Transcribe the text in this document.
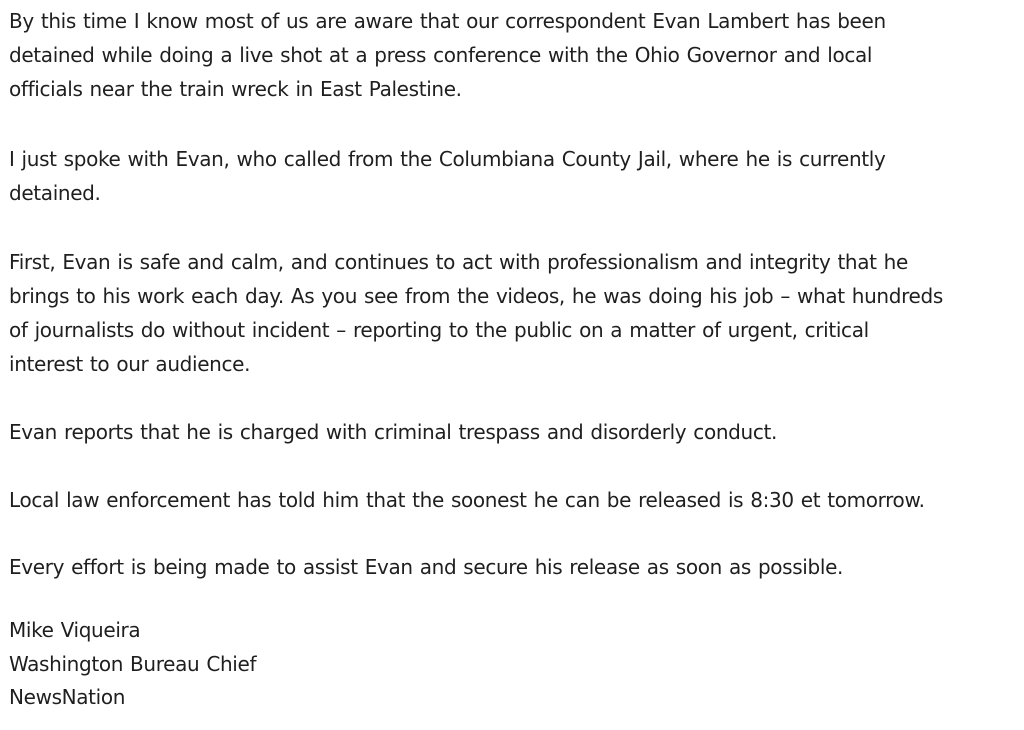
By this time I know most of us are aware that our correspondent Evan Lambert has been
detained while doing a live shot at a press conference with the Ohio Governor and local
officials near the train wreck in East Palestine.

I just spoke with Evan, who called from the Columbiana County Jail, where he is currently
detained.

First, Evan is safe and calm, and continues to act with professionalism and integrity that he
brings to his work each day. As you see from the videos, he was doing his job – what hundreds
of journalists do without incident – reporting to the public on a matter of urgent, critical
interest to our audience.

Evan reports that he is charged with criminal trespass and disorderly conduct.

Local law enforcement has told him that the soonest he can be released is 8:30 et tomorrow.

Every effort is being made to assist Evan and secure his release as soon as possible.

Mike Viqueira
Washington Bureau Chief
NewsNation
